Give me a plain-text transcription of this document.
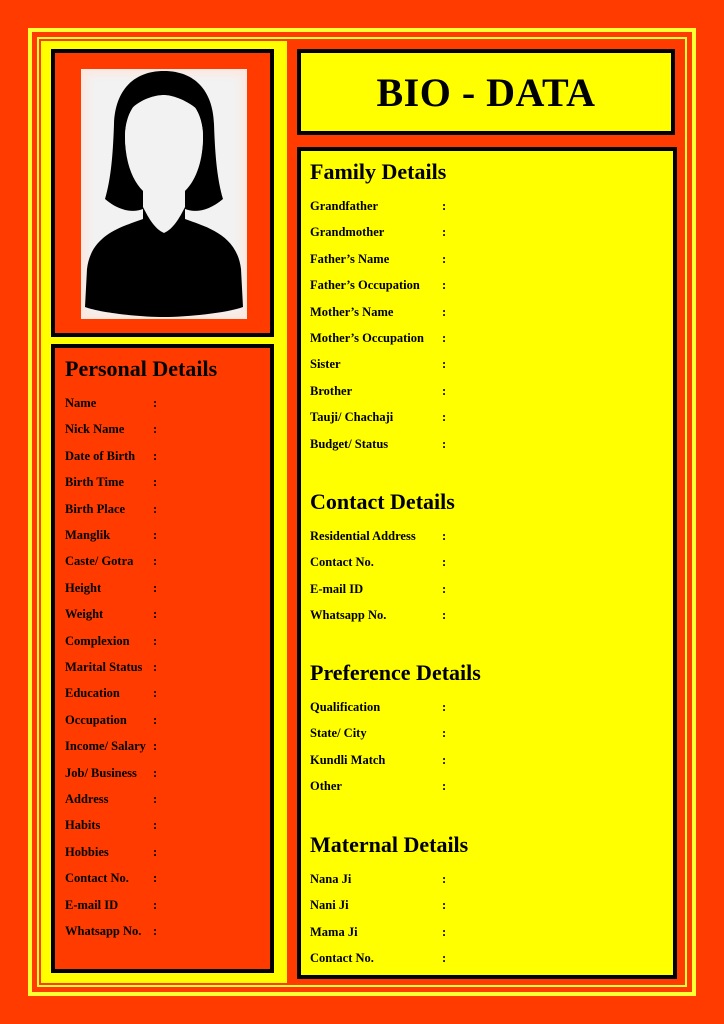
Personal Details
Name	:
Nick Name :
Date of Birth :
Birth Time :
Birth Place :
Manglik	:
Caste/ Gotra :
Height	:
Weight	:
Complexion :
Marital Status :
Education	:
Occupation :
Income/ Salary :
Job/ Business :
Address	:
Habits	:
Hobbies	:
Contact No. :
E-mail ID	:
Whatsapp No. :
BIO - DATA
Family Details
Grandfather	:
Grandmother	:
Father’s Name	:
Father’s Occupation :
Mother’s Name	:
Mother’s Occupation :
Sister	:
Brother	:
Tauji/ Chachaji	:
Budget/ Status	:
Contact Details
Residential Address :
Contact No.	:
E-mail ID	:
Whatsapp No.	:
Preference Details
Qualification	:
State/ City	:
Kundli Match	:
Other	:
Maternal Details
Nana Ji	:
Nani Ji	:
Mama Ji	:
Contact No.	:
